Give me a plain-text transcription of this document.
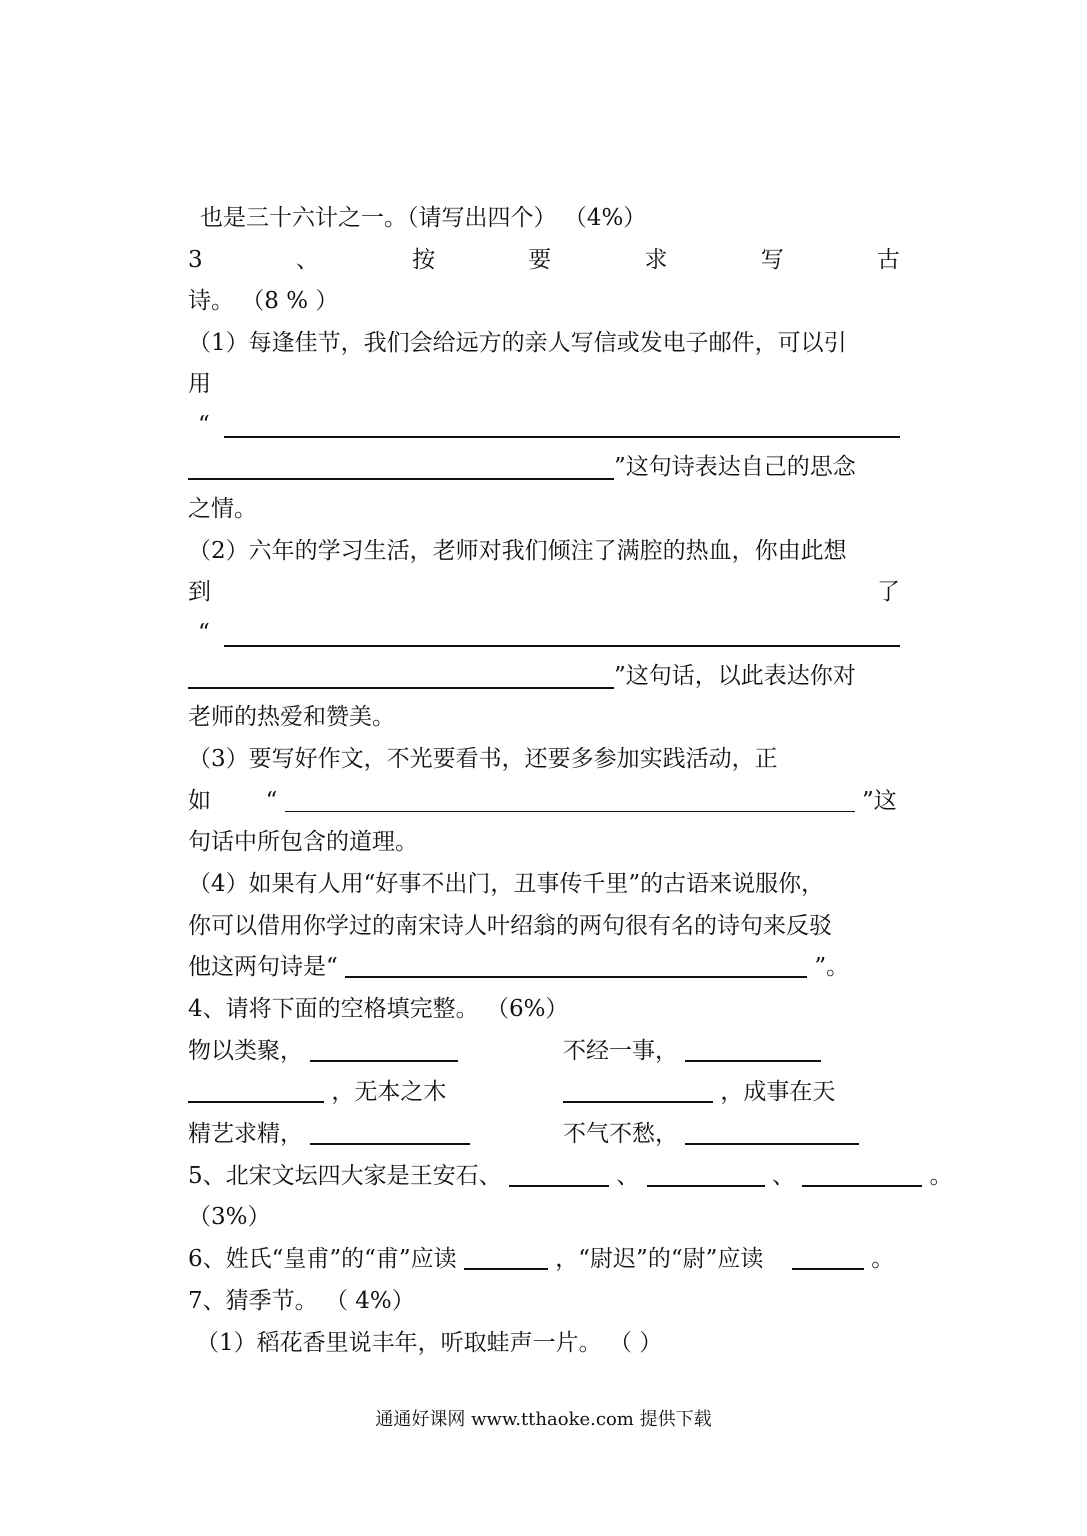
也是三十六计之一。（请写出四个） （4%）
3	、	按	要	求	写	古
诗。 （8 % ）
（1）每逢佳节，我们会给远方的亲人写信或发电子邮件，可以引
用
“
”这句诗表达自己的思念
之情。
（2）六年的学习生活，老师对我们倾注了满腔的热血，你由此想
到	了
“
”这句话，以此表达你对
老师的热爱和赞美。
（3）要写好作文，不光要看书，还要多参加实践活动，正
如 “	”这
句话中所包含的道理。
（4）如果有人用“好事不出门，丑事传千里”的古语来说服你，
你可以借用你学过的南宋诗人叶绍翁的两句很有名的诗句来反驳
他这两句诗是“	”。
4、请将下面的空格填完整。 （6%）
物以类聚，	不经一事，
，无本之木	，成事在天
精艺求精，	不气不愁，
5、北宋文坛四大家是王安石、	、	、	。
（3%）
6、姓氏“皇甫”的“甫”应读	，“尉迟”的“尉”应读	。
7、猜季节。 （ 4%）
（1）稻花香里说丰年，听取蛙声一片。 （ ）
通通好课网 www.tthaoke.com 提供下载
